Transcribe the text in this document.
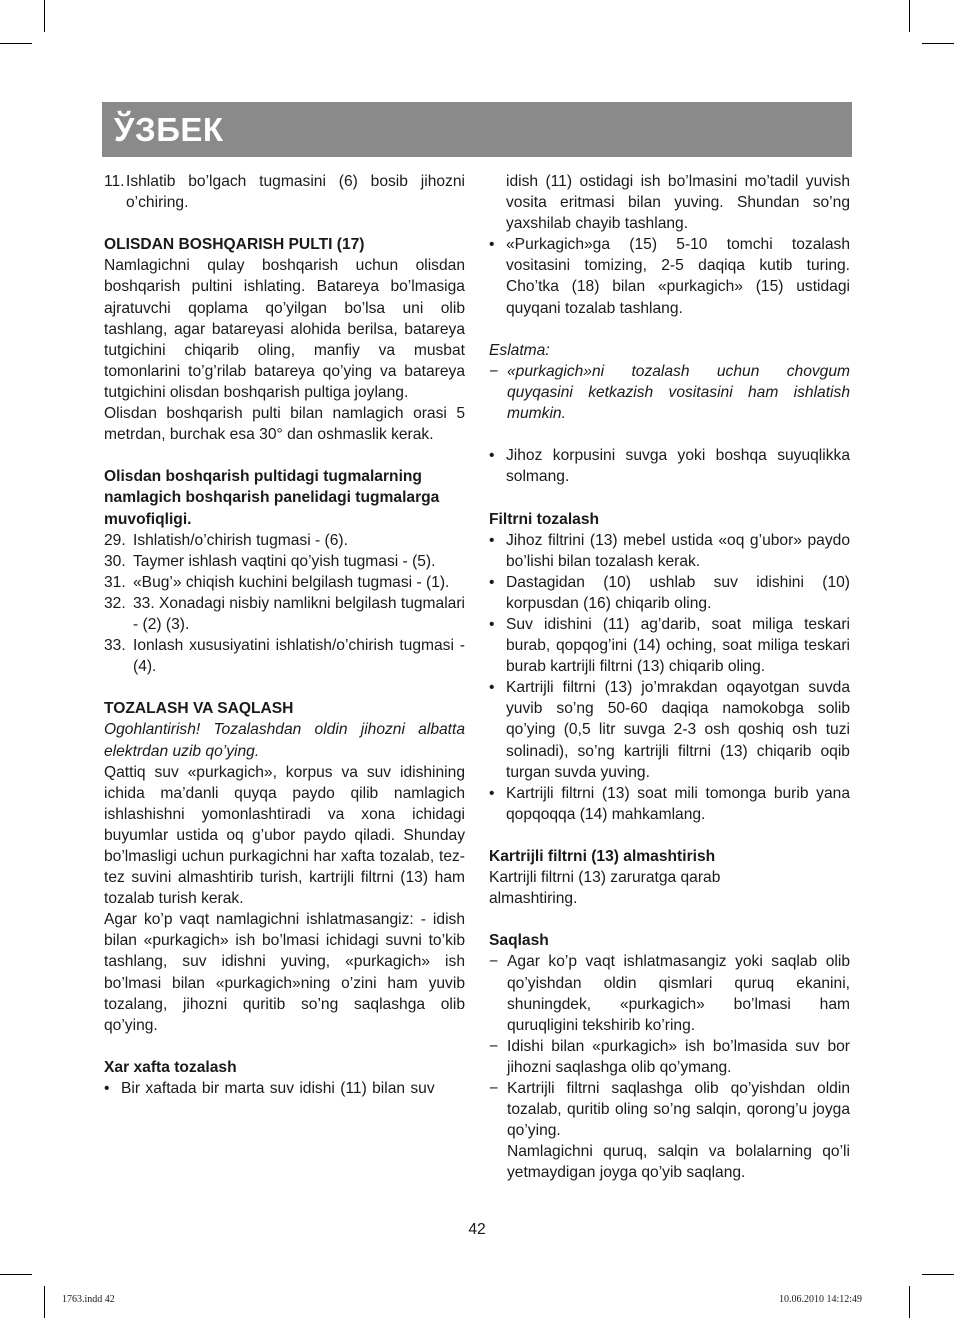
ЎЗБЕК
11. Ishlatib bo’lgach tugmasini (6) bosib jihozni o’chiring.
OLISDAN BOSHQARISH PULTI (17)
Namlagichni qulay boshqarish uchun olisdan boshqarish pultini ishlating. Batareya bo’lmasiga ajratuvchi qoplama qo’yilgan bo’lsa uni olib tashlang, agar batareyasi alohida berilsa, batareya tutgichini chiqarib oling, manfiy va musbat tomonlarini to’g’rilab batareya qo’ying va batareya tutgichini olisdan boshqarish pultiga joylang.
Olisdan boshqarish pulti bilan namlagich orasi 5 metrdan, burchak esa 30° dan oshmaslik kerak.
Olisdan boshqarish pultidagi tugmalarning namlagich boshqarish panelidagi tugmalarga muvofiqligi.
29. Ishlatish/o’chirish tugmasi - (6).
30. Taymer ishlash vaqtini qo’yish tugmasi - (5).
31. «Bug’» chiqish kuchini belgilash tugmasi - (1).
32. 33. Xonadagi nisbiy namlikni belgilash tugmalari - (2) (3).
33. Ionlash xususiyatini ishlatish/o’chirish tugmasi - (4).
TOZALASH VA SAQLASH
Ogohlantirish! Tozalashdan oldin jihozni albatta elektrdan uzib qo’ying.
Qattiq suv «purkagich», korpus va suv idishining ichida ma’danli quyqa paydo qilib namlagich ishlashishni yomonlashtiradi va xona ichidagi buyumlar ustida oq g’ubor paydo qiladi. Shunday bo’lmasligi uchun purkagichni har xafta tozalab, tez-tez suvini almashtirib turish, kartrijli filtrni (13) ham tozalab turish kerak.
Agar ko’p vaqt namlagichni ishlatmasangiz: - idish bilan «purkagich» ish bo’lmasi ichidagi suvni to’kib tashlang, suv idishni yuving, «purkagich» ish bo’lmasi bilan «purkagich»ning o’zini ham yuvib tozalang, jihozni quritib so’ng saqlashga olib qo’ying.
Xar xafta tozalash
• Bir xaftada bir marta suv idishi (11) bilan suv
idish (11) ostidagi ish bo’lmasini mo’tadil yuvish vosita eritmasi bilan yuving. Shundan so’ng yaxshilab chayib tashlang.
• «Purkagich»ga (15) 5-10 tomchi tozalash vositasini tomizing, 2-5 daqiqa kutib turing. Cho’tka (18) bilan «purkagich» (15) ustidagi quyqani tozalab tashlang.
Eslatma:
− «purkagich»ni tozalash uchun chovgum quyqasini ketkazish vositasini ham ishlatish mumkin.
• Jihoz korpusini suvga yoki boshqa suyuqlikka solmang.
Filtrni tozalash
• Jihoz filtrini (13) mebel ustida «oq g’ubor» paydo bo’lishi bilan tozalash kerak.
• Dastagidan (10) ushlab suv idishini (10) korpusdan (16) chiqarib oling.
• Suv idishini (11) ag’darib, soat miliga teskari burab, qopqog’ini (14) oching, soat miliga teskari burab kartrijli filtrni (13) chiqarib oling.
• Kartrijli filtrni (13) jo’mrakdan oqayotgan suvda yuvib so’ng 50-60 daqiqa namokobga solib qo’ying (0,5 litr suvga 2-3 osh qoshiq osh tuzi solinadi), so’ng kartrijli filtrni (13) chiqarib oqib turgan suvda yuving.
• Kartrijli filtrni (13) soat mili tomonga burib yana qopqoqqa (14) mahkamlang.
Kartrijli filtrni (13) almashtirish
Kartrijli filtrni (13) zaruratga qarab
almashtiring.
Saqlash
− Agar ko’p vaqt ishlatmasangiz yoki saqlab olib qo’yishdan oldin qismlari quruq ekanini, shuningdek, «purkagich» bo’lmasi ham quruqligini tekshirib ko’ring.
− Idishi bilan «purkagich» ish bo’lmasida suv bor jihozni saqlashga olib qo’ymang.
− Kartrijli filtrni saqlashga olib qo’yishdan oldin tozalab, quritib oling so’ng salqin, qorong’u joyga qo’ying.
Namlagichni quruq, salqin va bolalarning qo’li yetmaydigan joyga qo’yib saqlang.
42
1763.indd 42	10.06.2010 14:12:49
